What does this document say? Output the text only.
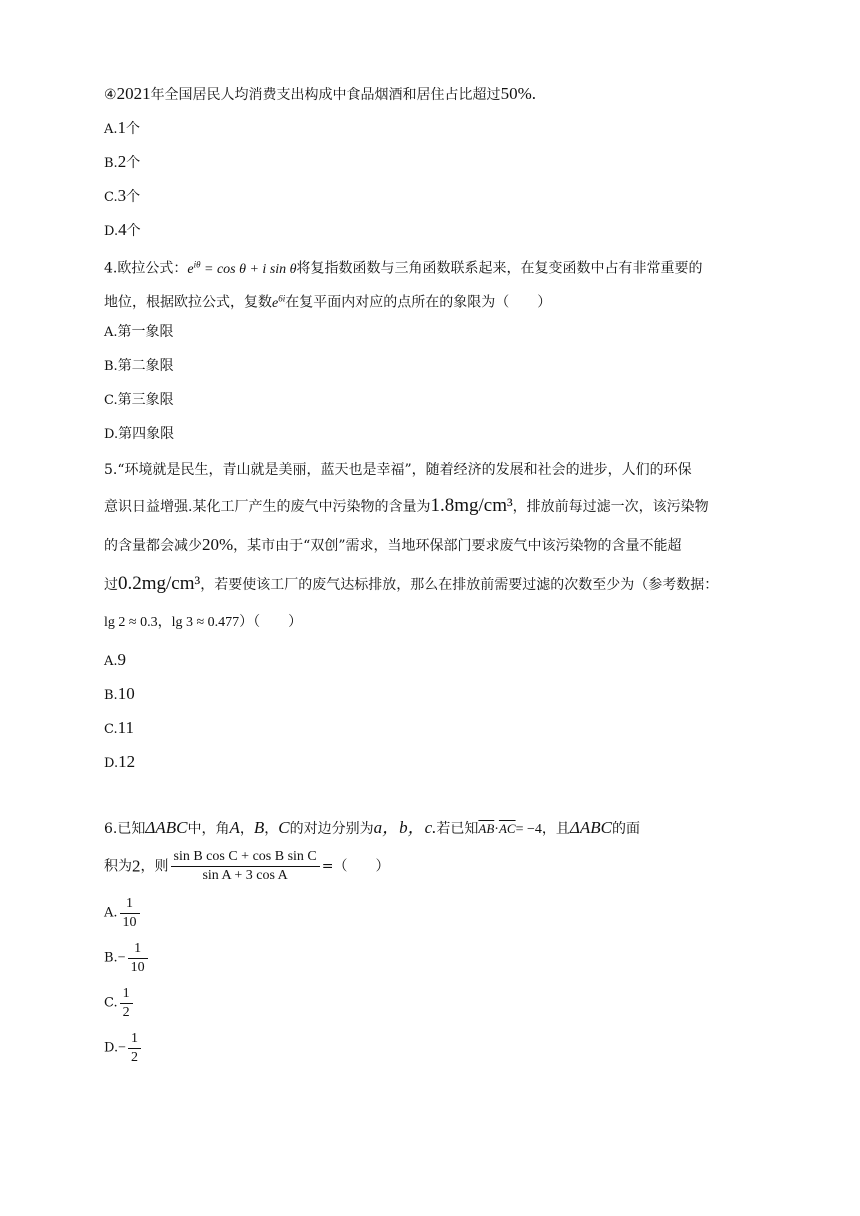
④2021年全国居民人均消费支出构成中食品烟酒和居住占比超过50%.
A.1个
B.2个
C.3个
D.4个
4.欧拉公式：$e^{i\theta} = \cos \theta + i$ sin θ将复指数函数与三角函数联系起来，在复变函数中占有非常重要的
地位，根据欧拉公式，复数$e^{6i}$在复平面内对应的点所在的象限为（　　）
A.第一象限
B.第二象限
C.第三象限
D.第四象限
5.“环境就是民生，青山就是美丽，蓝天也是幸福”，随着经济的发展和社会的进步，人们的环保
意识日益增强.某化工厂产生的废气中污染物的含量为1.8mg/cm³，排放前每过滤一次，该污染物
的含量都会减少20%，某市由于“双创”需求，当地环保部门要求废气中该污染物的含量不能超
过0.2mg/cm³，若要使该工厂的废气达标排放，那么在排放前需要过滤的次数至少为（参考数据：
lg 2 ≈ 0.3，lg 3 ≈ 0.477）（　　）
A.9
B.10
C.11
D.12
6.已知ΔABC中，角A，B，C的对边分别为a，b，c.若已知$\overline{AB}\cdot\overline{AC}= -4$，且ΔABC的面
积为2，则 $\frac{\text{sin B cos C + cos B sin C}}{\text{sin A + 3 cos A}}$ =（　　）
A. $\frac{1}{10}$
$B.- \frac{1}{10}$
C. $\frac{1}{2}$
$D.- \frac{1}{2}$
